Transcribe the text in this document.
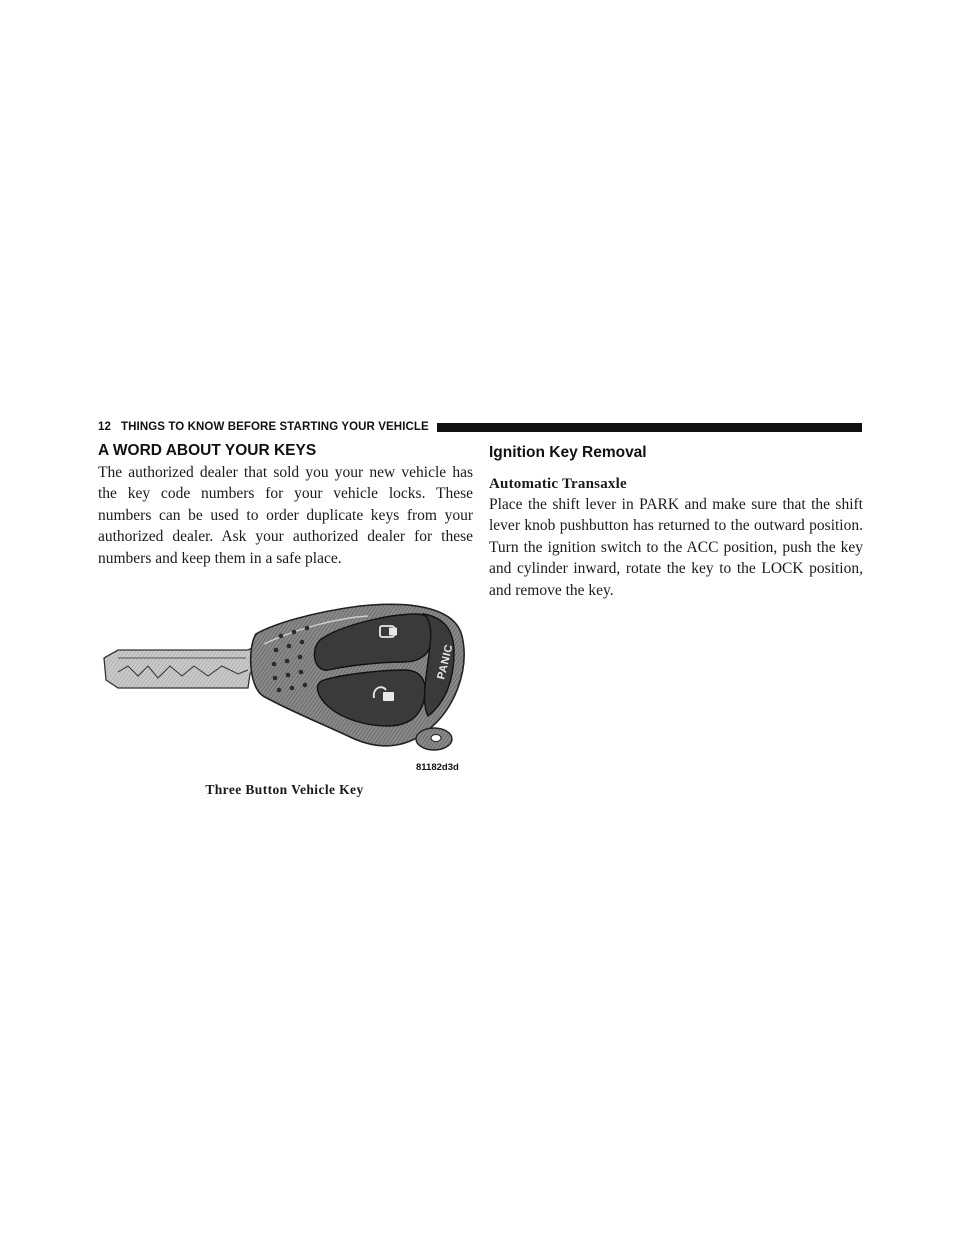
12 THINGS TO KNOW BEFORE STARTING YOUR VEHICLE
A WORD ABOUT YOUR KEYS

The authorized dealer that sold you your new vehicle has the key code numbers for your vehicle locks. These numbers can be used to order duplicate keys from your authorized dealer. Ask your authorized dealer for these numbers and keep them in a safe place.

PANIC
81182d3d
Three Button Vehicle Key
Ignition Key Removal
Automatic Transaxle

Place the shift lever in PARK and make sure that the shift lever knob pushbutton has returned to the outward position. Turn the ignition switch to the ACC position, push the key and cylinder inward, rotate the key to the LOCK position, and remove the key.
